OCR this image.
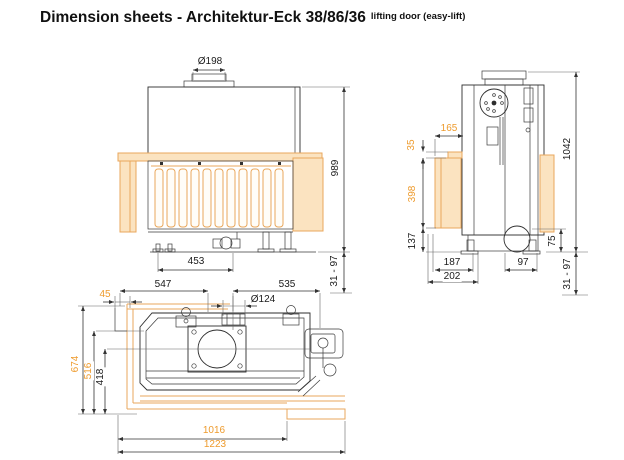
Dimension sheets - Architektur-Eck 38/86/36 lifting door (easy-lift)
Ø198
989
453	31 - 97
165
35
398
137
1042
75
187
202
97	31 - 97
547	535
45	Ø124
674 516 418
1016
1223
